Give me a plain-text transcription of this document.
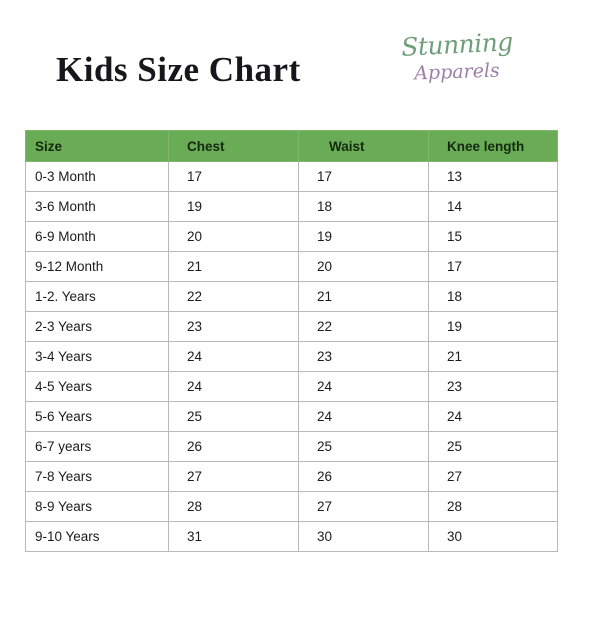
Kids Size Chart
Stunning
Apparels
Size	Chest	Waist	Knee length
0-3 Month	17	17	13
3-6 Month	19	18	14
6-9 Month	20	19	15
9-12 Month	21	20	17
1-2. Years	22	21	18
2-3 Years	23	22	19
3-4 Years	24	23	21
4-5 Years	24	24	23
5-6 Years	25	24	24
6-7 years	26	25	25
7-8 Years	27	26	27
8-9 Years	28	27	28
9-10 Years	31	30	30
